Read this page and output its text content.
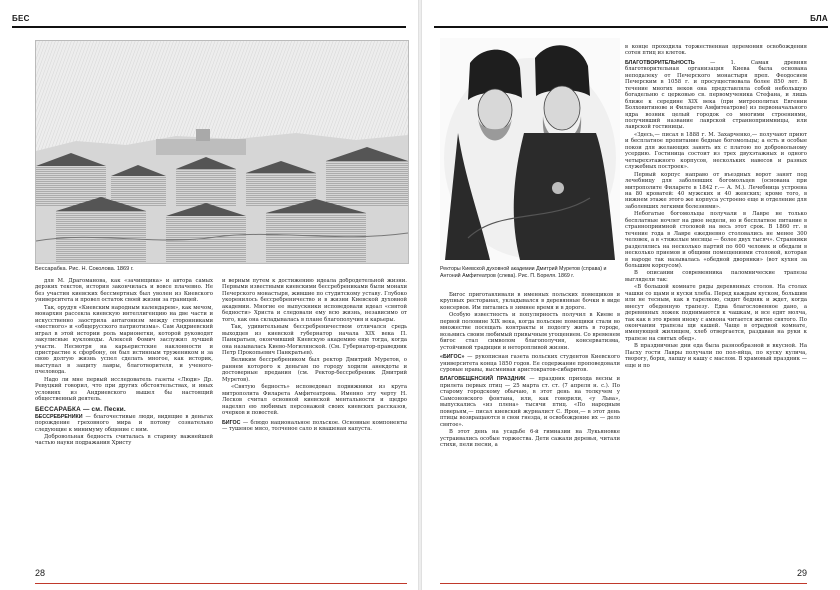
БЕС
Бессарабка. Рис. Н. Соколова. 1869 г.

для М. Драгоманова, как «зачинщика» и автора самых дерзких текстов, история закончилась и вовсе плачевно. Не без участия киевских бессмертных был уволен из Киевского университета и провел остаток своей жизни за границей.

Так, орудуя «Киевским народным календарем», как мечом, монархия рассекла киевскую интеллигенцию на две части и искусственно заострила антагонизм между сторонниками «местного» и «общерусского патриотизма». Сам Андриевский играл в этой истории роль марионетки, которой руководят закулисные кукловоды. Алексей Фомич заслужил лучшей участи. Несмотря на карьеристские наклонности и пристрастие к сфорбону, он был истинным тружеником и за свою долгую жизнь успел сделать многое, как историк, выступал в защиту лавры, благотворителя, и ученого-пчеловода.

Надо ли мне первый исследователь газеты «Люди» Др. Ревуцкий говорил, что при других обстоятельствах, и иных условиях из Андриевского вышел бы настоящий общественный деятель.

БЕССАРАБКА — см. Пески.

БЕССРЕБРЕНИКИ — благочестивые люди, видящие в деньгах порождение греховного мира и потому сознательно следующие к минимуму общение с ним.

Добровольная бедность считалась в старину важнейшей частью науки подражания Христу

и верным путем к достижению идеала добродетельной жизни. Первыми известными киевскими бессребрениками были монахи Печерского монастыря, жившие по студитскому уставу. Глубоко укоренилось бессребреничество и в жизни Киевской духовной академии. Многие ее выпускники исповедовали идеал «святой бедности» Христа и следовали ему всю жизнь, независимо от того, как она складывалась в плане благополучия и карьеры.

Так, удивительным бессребреничеством отличался средь выходцев из киевской губернатор начала XIX века П. Панкратьев, окончивший Киевскую академию еще тогда, когда она называлась Киево-Могилянской. (См. Губернатор-праведник Петр Прокопьевич Панкратьев).

Великим бессребреником был ректор Дмитрий Муретов, о раннем которого к деньгам по городу ходили анекдоты и достоверные предания (см. Ректор-бессребреник Дмитрий Муретов).

«Святую бедность» исповедовал подвижники из круга митрополита Филарета Амфитеатрова. Именно эту черту Н. Лесков считал основной киевской ментальности и щедро наделял ею любимых персонажей своих киевских рассказов, очерков и повестей.

БИГОС — блюдо национальное польское. Основные компоненты — тушеное мясо, толченое сало и квашеная капуста.

28
БЛА
Ректоры Киевской духовной академии Дмитрий Муретов (справа) и Антоний Амфитеатров (слева). Рис. П. Бореля. 1869 г.

Бигос приготавливали в именных польских помещиков и крупных ресторанах, укладывался в деревянные бочки в виде консервов. Им питались в зимнее время и в дороге.

Особую известность и популярность получил в Киеве в первой половине XIX века, когда польские помещики стали во множестве посещать контракты и подолгу жить в городе, возьмись своим любимый привычным угощением. Со временем бигос стал символом благополучия, консерватизма, устойчивой традиции и неторопливой жизни.

«БИГОС» — рукописная газета польских студентов Киевского университета конца 1850 годов. Ее содержание проповедовали суровые нравы, высмеивая аристократов-сибаритов.

БЛАГОВЕЩЕНСКИЙ ПРАЗДНИК — праздник прихода весны и прилета первых птиц — 25 марта ст. ст. (7 апреля н. с.). По старому городскому обычаю, в этот день на толкучем у Самсоновского фонтана, или, как говорили, «у Льва», выпускались «из плена» тысячи птиц. «По народным поверьям,— писал киевский журналист С. Ярон,— в этот день птицы возвращаются в свои гнезда, и освобождение их — дело святое».

В этот день на усадьбе 6-й гимназии на Лукьяновке устраивались особые торжества. Дети сажали деревья, читали стихи, пели песни, а

в конце проходила торжественная церемония освобождения сотен птиц из клеток.

БЛАГОТВОРИТЕЛЬНОСТЬ	— 1. Самая древняя благотворительная организация Киева была основана неподалеку от Печерского монастыря преп. Феодосием Печерским в 1058 г. и просуществовала более 850 лет. В течение многих веков она представляла собой небольшую богадельню с церковью св. первомученика Стефана, и лишь ближе к середине XIX века (при митрополитах Евгении Болховитинове и Филарете Амфитеатрове) из первоначального ядра возник целый городок со многими строениями, получивший название лаврской странноприимницы, или лаврской гостиницы.

«Здесь,— писал в 1888 г. М. Захарченко,— получают приют и бесплатное пропитание бедные богомольцы; а есть и особые покои для желающих занять их с платою по добровольному усердию. Гостиница состоит из трех двухэтажных и одного четырехэтажного корпусов, нескольких навесов и разных служебных построек».

Первый корпус направо от въездных ворот занят под лечебницу для заболевших богомольцев (основана при митрополите Филарете в 1842 г.— А. М.). Лечебница устроена на 80 кроватей: 40 мужских и 40 женских; кроме того, в нижнем этаже этого же корпуса устроено еще и отделение для заболевших легкими болезнями».

Небогатые богомольцы получали в Лавре не только бесплатные ночлег на двое недели, но и бесплатное питание в странноприимной столовой на весь этот срок. В 1860 гг. в течение года в Лавре ежедневно столовались не менее 300 человек, а в «тяжелые месяцы — более двух тысяч». Странники разделялись на несколько партий по 600 человек и обедали в несколько приемов и общими помещениями столовой, которая в народе так называлась «обедной дворянки» (вот кухня за большим корпусом).

В описании современника паломнические трапезы выглядели так:

«В большой комнате ряды деревянных столов. На столах чашки со щами и куски хлеба. Перед каждым куском, большим или не тесным, как в тарелкою, сидит бедняк и ждет, когда внесут обеденную трапезу. Едва благословенное дано, а деревянных ложек поднимаются к чашкам, и все едят молча, так как в это время иноку с амвона читается житие святого. По окончании трапезы щи кашей. Чаще в отрадной комнате, именующей жилищем, хлеб отвергается, раздавая на руки к трапезе на святых обед».

В праздничные дни еда была разнообразной и вкусной. На Пасху гости Лавры получали по пол-яйца, по куску кулича, творогу, борщ, лапшу и кашу с маслом. В храмовый праздник — еще и по

29
